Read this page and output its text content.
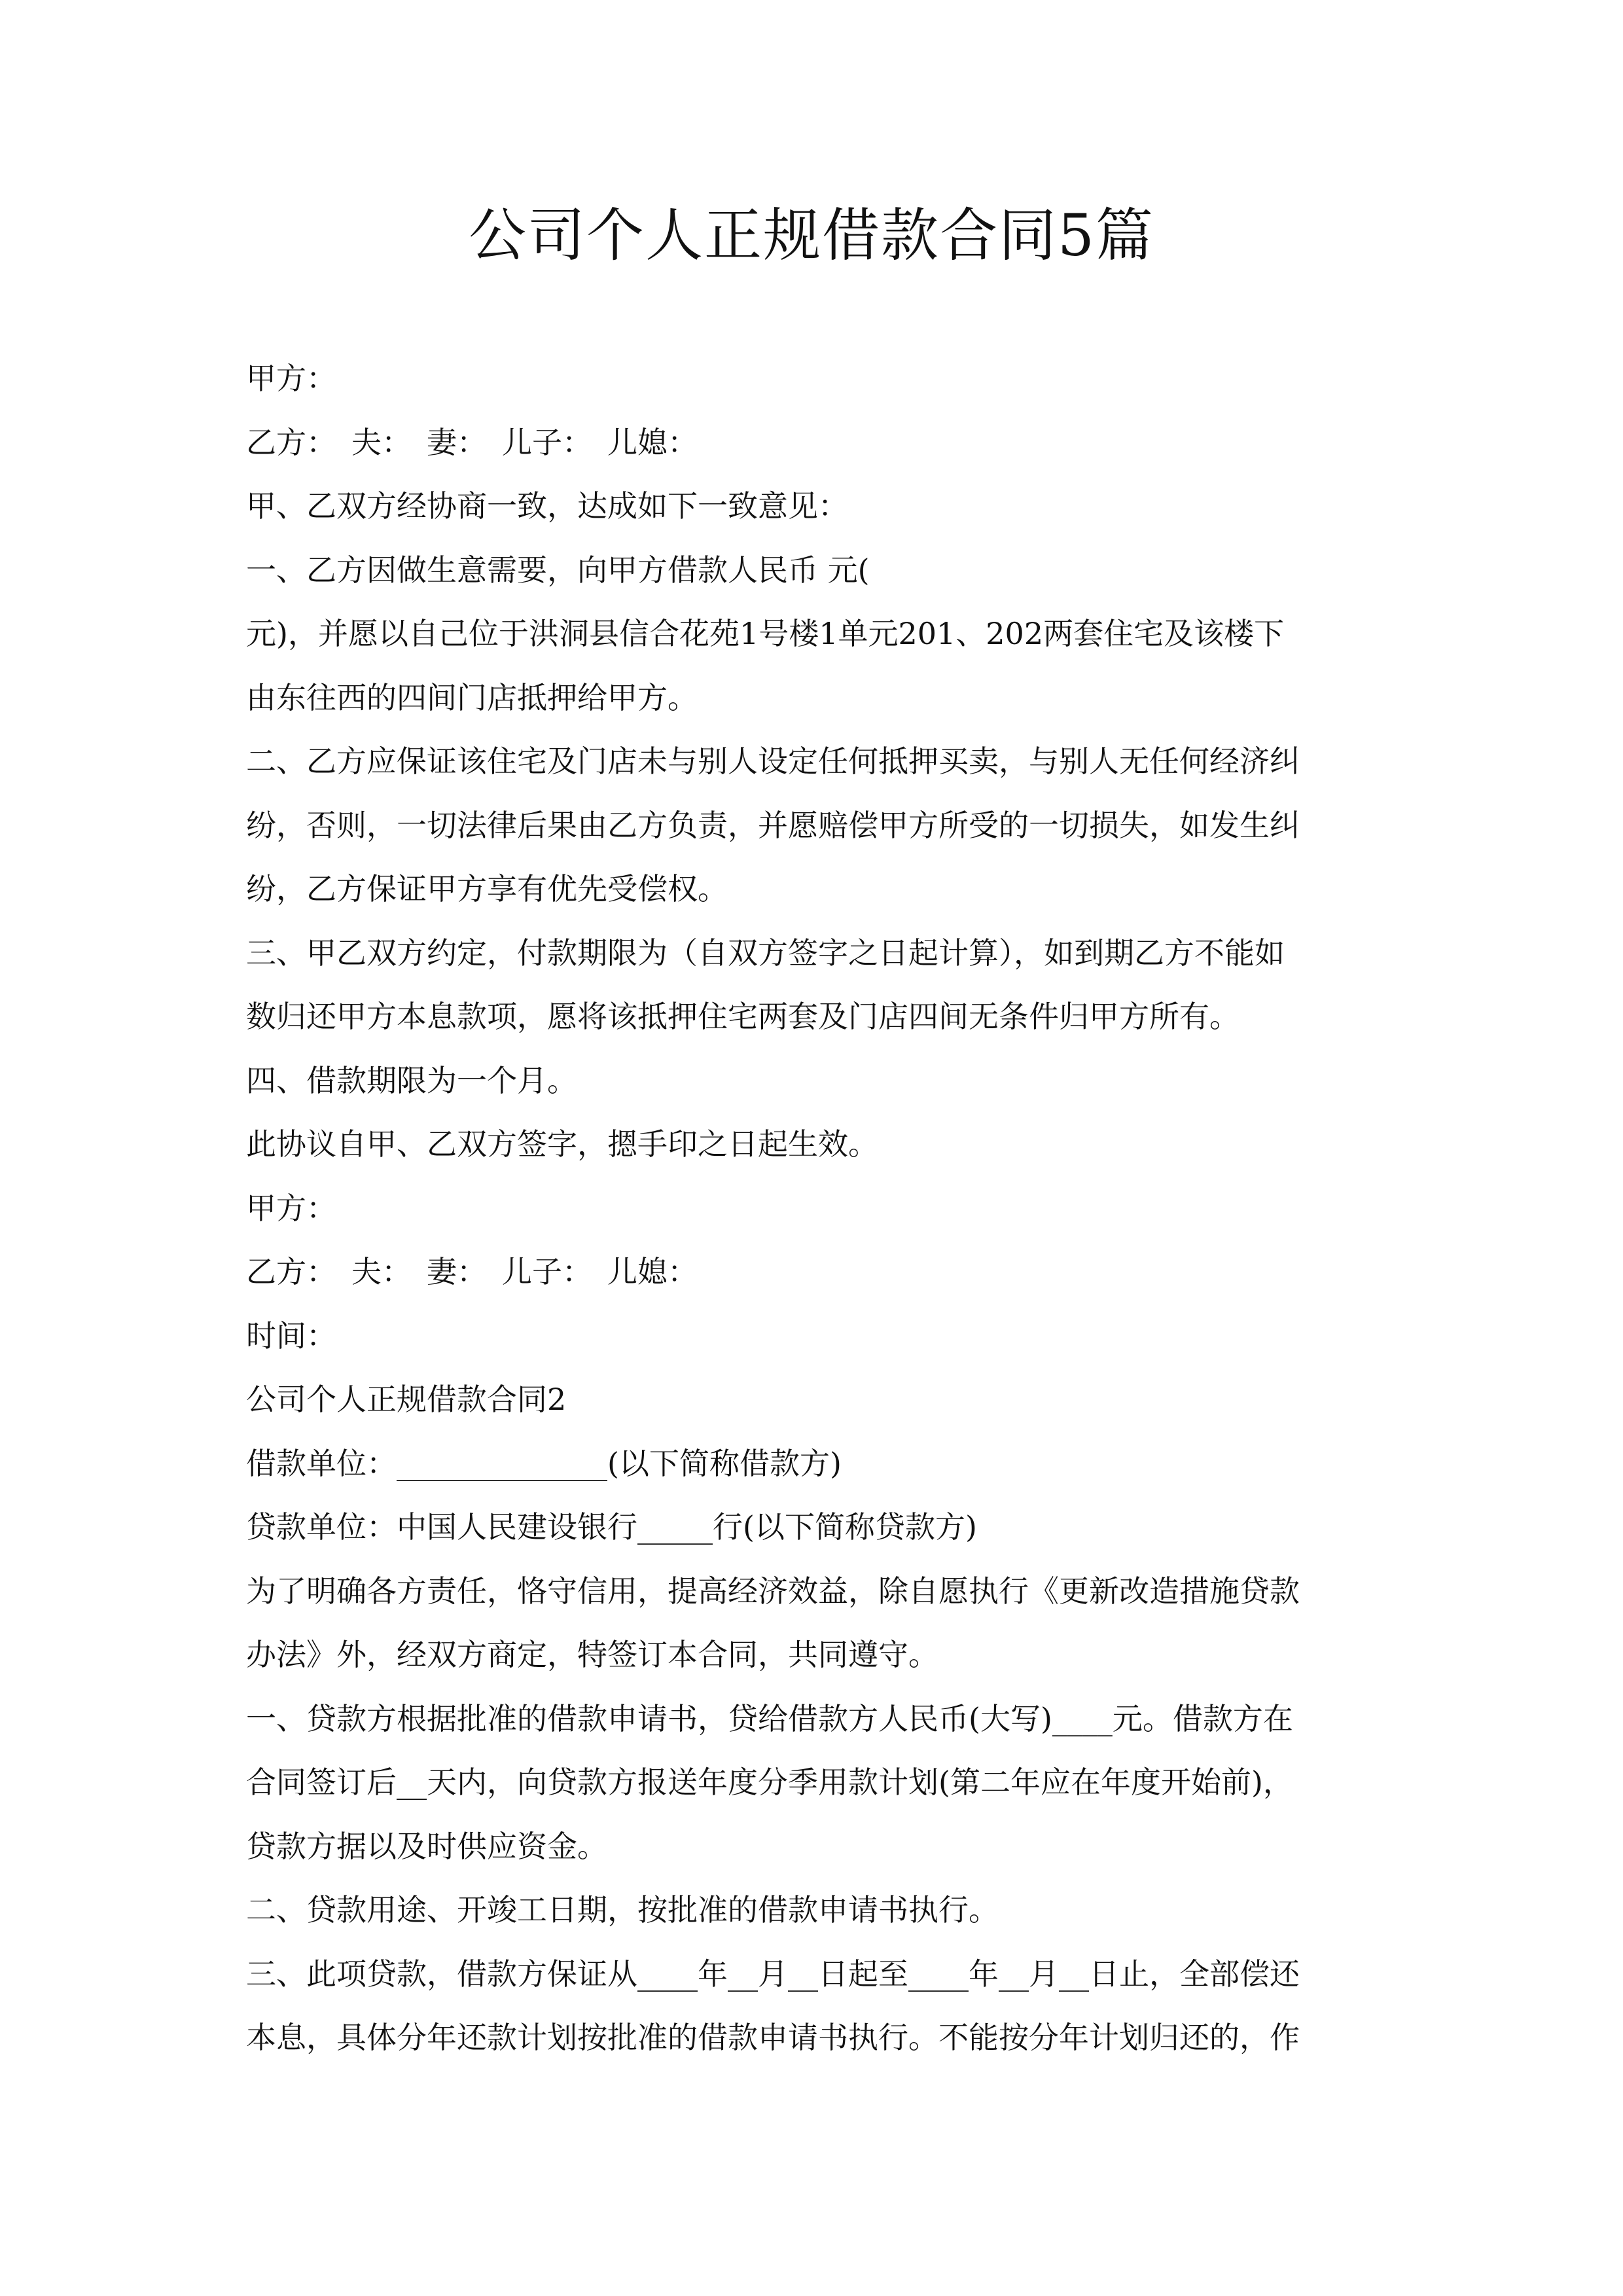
公司个人正规借款合同5篇
甲方：
乙方：　夫：　妻：　儿子：　儿媳：
甲、乙双方经协商一致，达成如下一致意见：
一、乙方因做生意需要，向甲方借款人民币 元(
元)，并愿以自己位于洪洞县信合花苑1号楼1单元201、202两套住宅及该楼下
由东往西的四间门店抵押给甲方。
二、乙方应保证该住宅及门店未与别人设定任何抵押买卖，与别人无任何经济纠
纷，否则，一切法律后果由乙方负责，并愿赔偿甲方所受的一切损失，如发生纠
纷，乙方保证甲方享有优先受偿权。
三、甲乙双方约定，付款期限为（自双方签字之日起计算），如到期乙方不能如
数归还甲方本息款项，愿将该抵押住宅两套及门店四间无条件归甲方所有。
四、借款期限为一个月。
此协议自甲、乙双方签字，摁手印之日起生效。
甲方：
乙方：　夫：　妻：　儿子：　儿媳：
时间：
公司个人正规借款合同2
借款单位：______________(以下简称借款方)
贷款单位：中国人民建设银行_____行(以下简称贷款方)
为了明确各方责任，恪守信用，提高经济效益，除自愿执行《更新改造措施贷款
办法》外，经双方商定，特签订本合同，共同遵守。
一、贷款方根据批准的借款申请书，贷给借款方人民币(大写)____元。借款方在
合同签订后__天内，向贷款方报送年度分季用款计划(第二年应在年度开始前)，
贷款方据以及时供应资金。
二、贷款用途、开竣工日期，按批准的借款申请书执行。
三、此项贷款，借款方保证从____年__月__日起至____年__月__日止，全部偿还
本息，具体分年还款计划按批准的借款申请书执行。不能按分年计划归还的，作
